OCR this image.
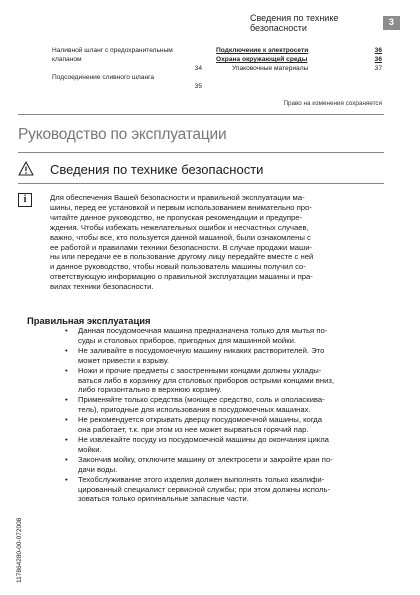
Сведения по технике безопасности	3
Наливной шланг с предохранительным клапаном
34
Подсоединение сливного шланга
35
Подключение к электросети	36
Охрана окружающей среды	36
Упаковочные материалы	37
Право на изменения сохраняется
Руководство по эксплуатации
Сведения по технике безопасности
i	Для обеспечения Вашей безопасности и правильной эксплуатации ма-
шины, перед ее установкой и первым использованием внимательно про-
читайте данное руководство, не пропуская рекомендации и предупре-
ждения. Чтобы избежать нежелательных ошибок и несчастных случаев,
важно, чтобы все, кто пользуется данной машиной, были ознакомлены с
ее работой и правилами техники безопасности. В случае продажи маши-
ны или передачи ее в пользование другому лицу передайте вместе с ней
и данное руководство, чтобы новый пользователь машины получил со-
ответствующую информацию о правильной эксплуатации машины и пра-
вилах техники безопасности.
Правильная эксплуатация
• Данная посудомоечная машина предназначена только для мытья по-
суды и столовых приборов, пригодных для машинной мойки.
• Не заливайте в посудомоечную машину никаких растворителей. Это
может привести к взрыву.
• Ножи и прочие предметы с заостренными концами должны уклады-
ваться либо в корзинку для столовых приборов острыми концами вниз,
либо горизонтально в верхнюю корзину.
• Применяйте только средства (моющее средство, соль и ополаскива-
тель), пригодные для использования в посудомоечных машинах.
• Не рекомендуется открывать дверцу посудомоечной машины, когда
она работает, т.к. при этом из нее может вырваться горячий пар.
• Не извлекайте посуду из посудомоечной машины до окончания цикла
мойки.
• Закончив мойку, отключите машину от электросети и закройте кран по-
дачи воды.
• Техобслуживание этого изделия должен выполнять только квалифи-
цированный специалист сервисной службы; при этом должны исполь-
зоваться только оригинальные запасные части.
117864280-00-072008
